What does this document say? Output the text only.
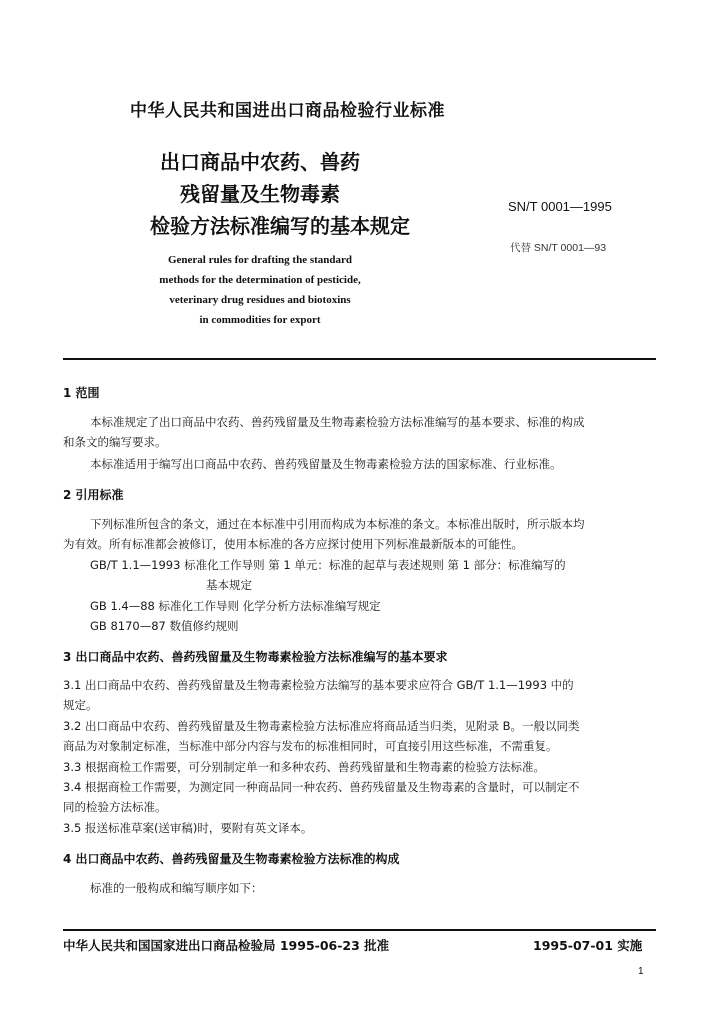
中华人民共和国进出口商品检验行业标准
出口商品中农药、兽药
残留量及生物毒素
检验方法标准编写的基本规定
SN/T 0001—1995
代替 SN/T 0001—93
General rules for drafting the standard
methods for the determination of pesticide,
veterinary drug residues and biotoxins
in commodities for export
1 范围
本标准规定了出口商品中农药、兽药残留量及生物毒素检验方法标准编写的基本要求、标准的构成
和条文的编写要求。
本标准适用于编写出口商品中农药、兽药残留量及生物毒素检验方法的国家标准、行业标准。
2 引用标准
下列标准所包含的条文，通过在本标准中引用而构成为本标准的条文。本标准出版时，所示版本均
为有效。所有标准都会被修订，使用本标准的各方应探讨使用下列标准最新版本的可能性。
GB/T 1.1—1993 标准化工作导则 第 1 单元：标准的起草与表述规则 第 1 部分：标准编写的
基本规定
GB 1.4—88 标准化工作导则 化学分析方法标准编写规定
GB 8170—87 数值修约规则
3 出口商品中农药、兽药残留量及生物毒素检验方法标准编写的基本要求
3.1 出口商品中农药、兽药残留量及生物毒素检验方法编写的基本要求应符合 GB/T 1.1—1993 中的
规定。
3.2 出口商品中农药、兽药残留量及生物毒素检验方法标准应将商品适当归类，见附录 B。一般以同类
商品为对象制定标准，当标准中部分内容与发布的标准相同时，可直接引用这些标准，不需重复。
3.3 根据商检工作需要，可分别制定单一和多种农药、兽药残留量和生物毒素的检验方法标准。
3.4 根据商检工作需要，为测定同一种商品同一种农药、兽药残留量及生物毒素的含量时，可以制定不
同的检验方法标准。
3.5 报送标准草案(送审稿)时，要附有英文译本。
4 出口商品中农药、兽药残留量及生物毒素检验方法标准的构成
标准的一般构成和编写顺序如下：
中华人民共和国国家进出口商品检验局 1995-06-23 批准	1995-07-01 实施
1
